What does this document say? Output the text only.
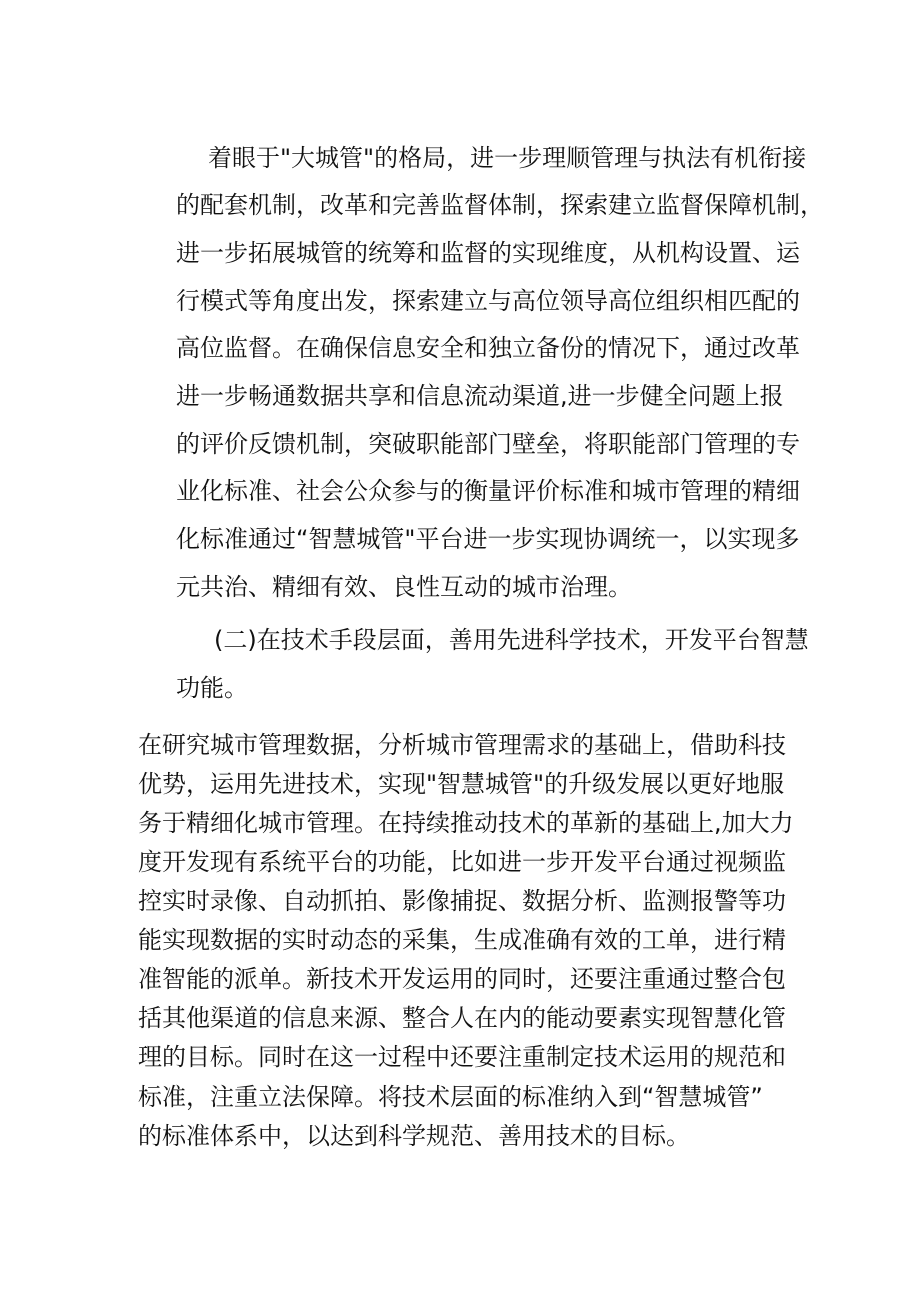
着眼于"大城管"的格局，进一步理顺管理与执法有机衔接
的配套机制，改革和完善监督体制，探索建立监督保障机制，
进一步拓展城管的统筹和监督的实现维度，从机构设置、运
行模式等角度出发，探索建立与高位领导高位组织相匹配的
高位监督。在确保信息安全和独立备份的情况下，通过改革
进一步畅通数据共享和信息流动渠道,进一步健全问题上报
的评价反馈机制，突破职能部门壁垒，将职能部门管理的专
业化标准、社会公众参与的衡量评价标准和城市管理的精细
化标准通过“智慧城管"平台进一步实现协调统一，以实现多
元共治、精细有效、良性互动的城市治理。
(二)在技术手段层面，善用先进科学技术，开发平台智慧
功能。
在研究城市管理数据，分析城市管理需求的基础上，借助科技
优势，运用先进技术，实现"智慧城管"的升级发展以更好地服
务于精细化城市管理。在持续推动技术的革新的基础上,加大力
度开发现有系统平台的功能，比如进一步开发平台通过视频监
控实时录像、自动抓拍、影像捕捉、数据分析、监测报警等功
能实现数据的实时动态的采集，生成准确有效的工单，进行精
准智能的派单。新技术开发运用的同时，还要注重通过整合包
括其他渠道的信息来源、整合人在内的能动要素实现智慧化管
理的目标。同时在这一过程中还要注重制定技术运用的规范和
标准，注重立法保障。将技术层面的标准纳入到“智慧城管”
的标准体系中，以达到科学规范、善用技术的目标。
